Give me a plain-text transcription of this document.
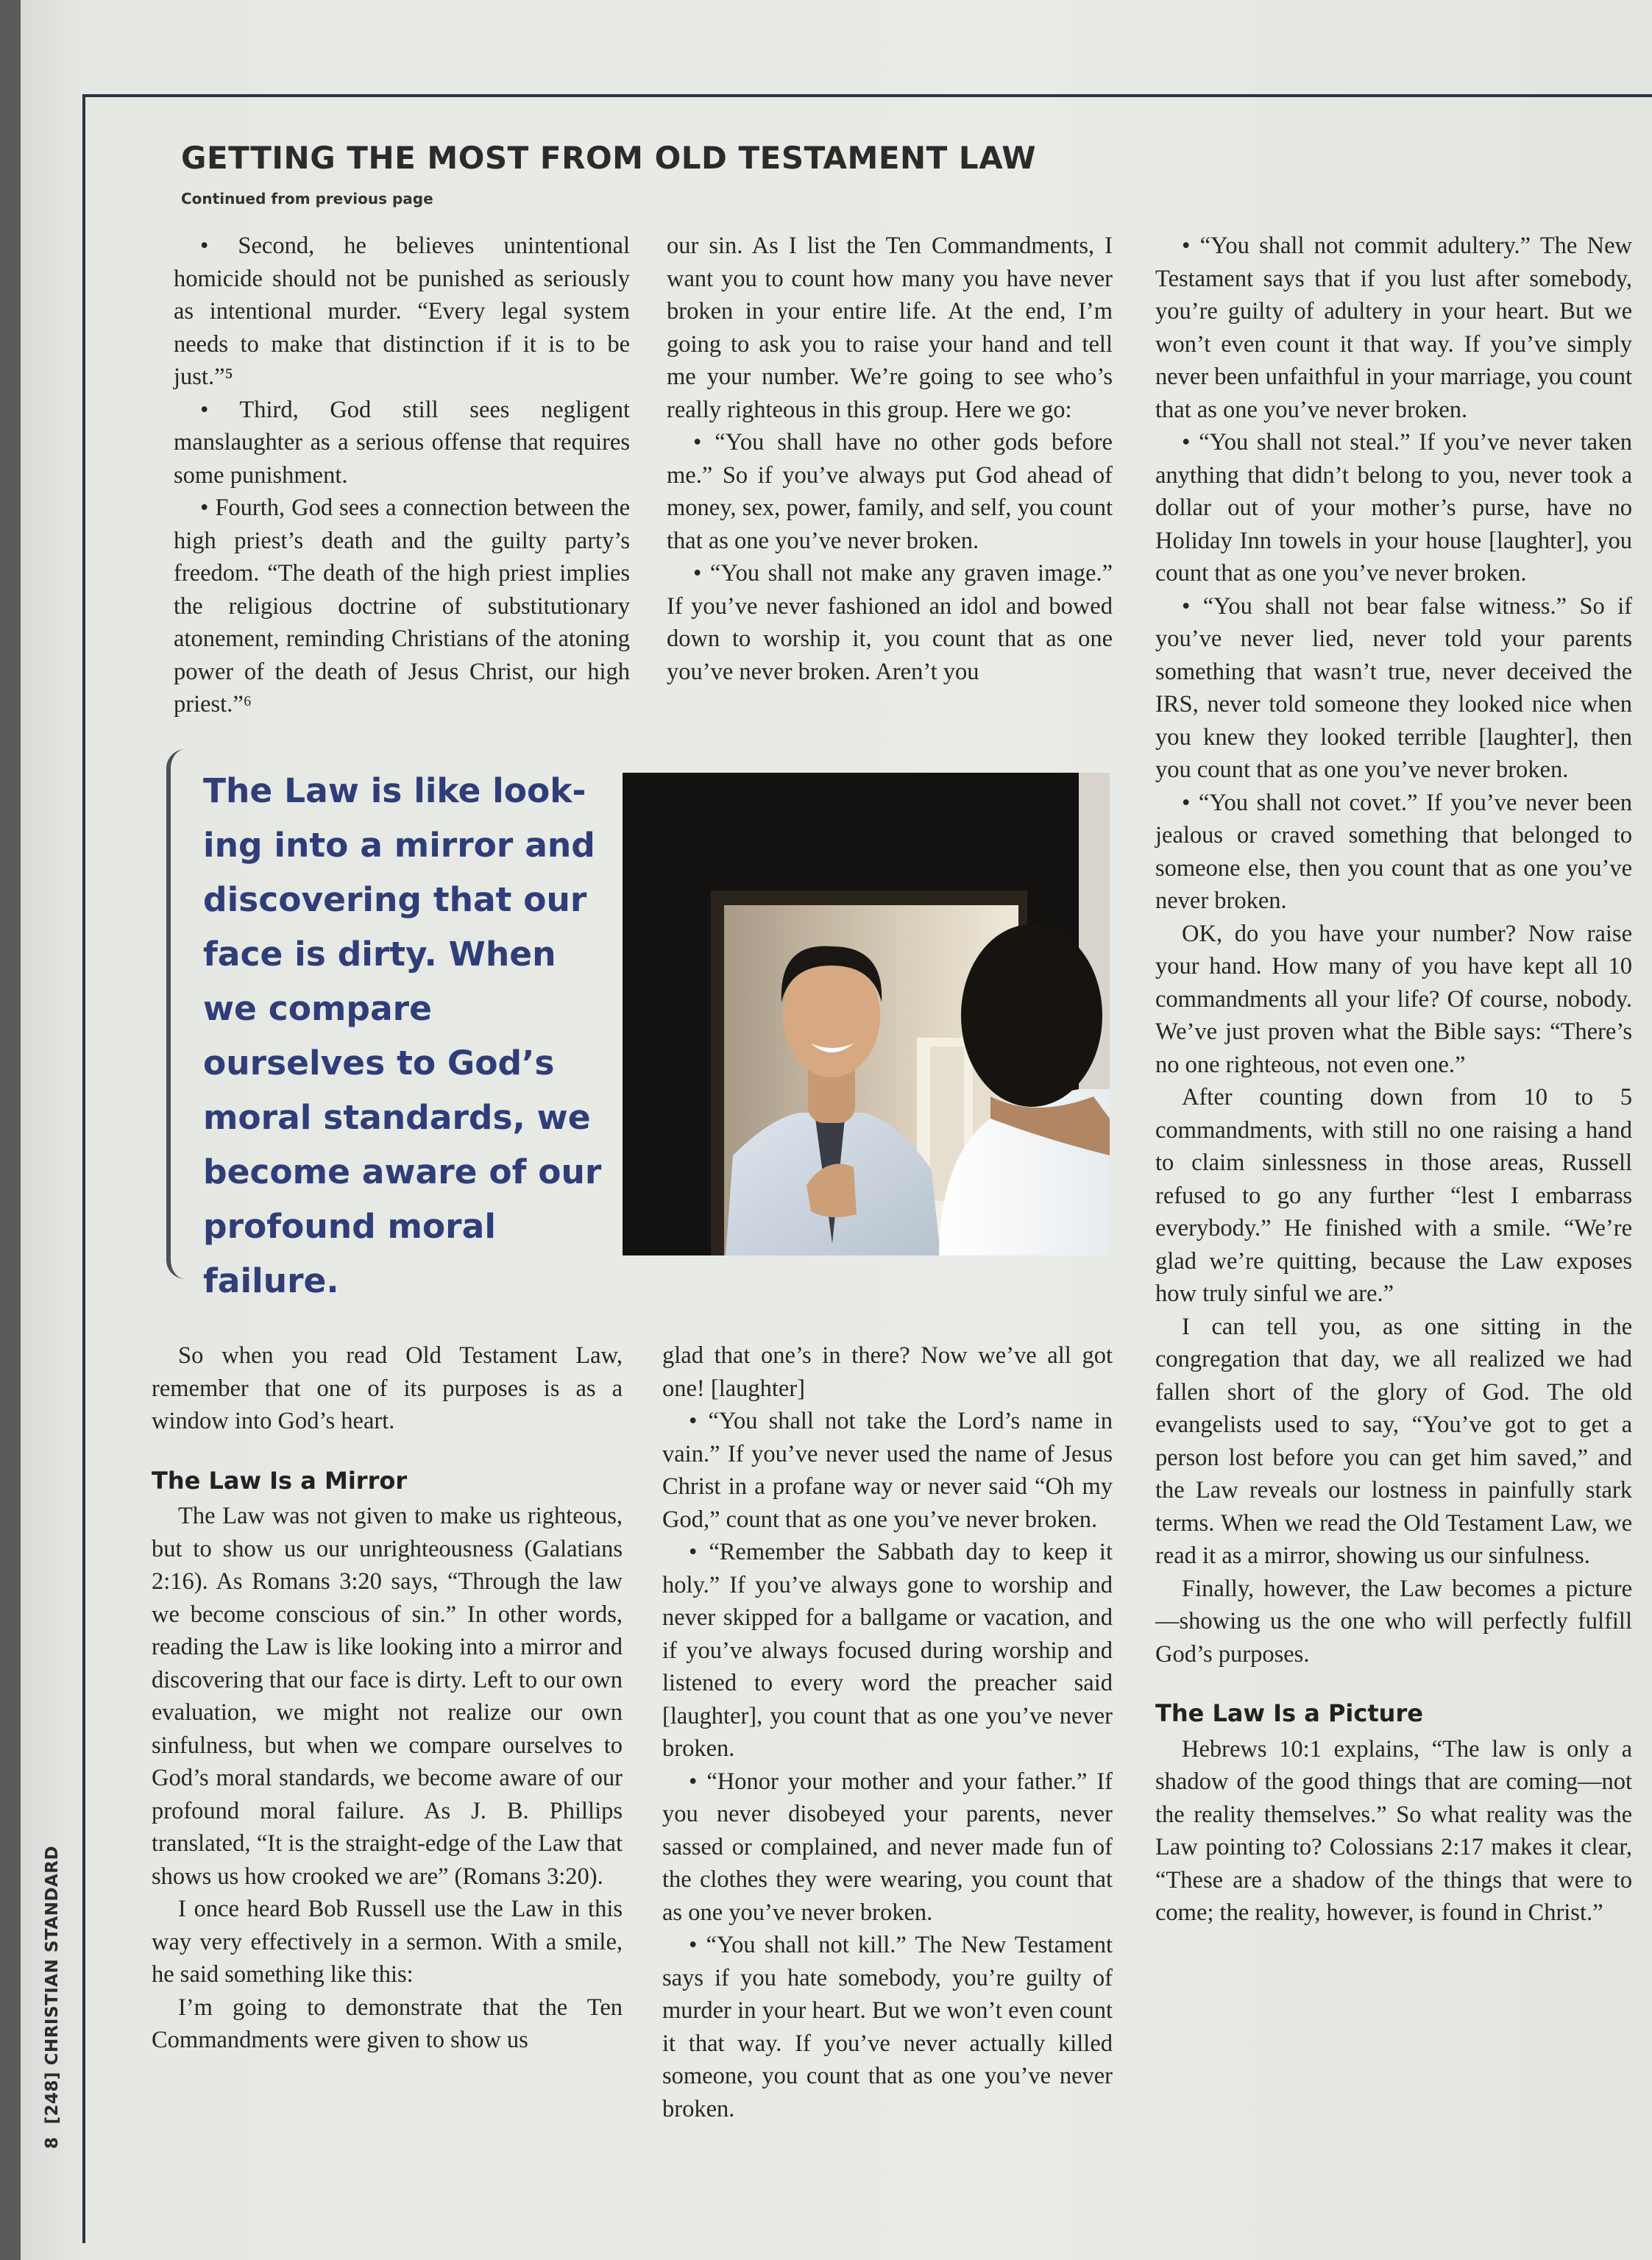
GETTING THE MOST FROM OLD TESTAMENT LAW
Continued from previous page

• Second, he believes unintentional homicide should not be punished as seriously as intentional murder. “Every legal system needs to make that distinction if it is to be just.”⁵

• Third, God still sees negligent manslaughter as a serious offense that requires some punishment.

• Fourth, God sees a connection between the high priest’s death and the guilty party’s freedom. “The death of the high priest implies the religious doctrine of substitutionary atonement, reminding Christians of the atoning power of the death of Jesus Christ, our high priest.”⁶

our sin. As I list the Ten Commandments, I want you to count how many you have never broken in your entire life. At the end, I’m going to ask you to raise your hand and tell me your number. We’re going to see who’s really righteous in this group. Here we go:

• “You shall have no other gods before me.” So if you’ve always put God ahead of money, sex, power, family, and self, you count that as one you’ve never broken.

• “You shall not make any graven image.” If you’ve never fashioned an idol and bowed down to worship it, you count that as one you’ve never broken. Aren’t you

The Law is like looking into a mirror and discovering that our face is dirty. When we compare ourselves to God’s moral standards, we become aware of our profound moral failure.

So when you read Old Testament Law, remember that one of its purposes is as a window into God’s heart.

The Law Is a Mirror

The Law was not given to make us righteous, but to show us our unrighteousness (Galatians 2:16). As Romans 3:20 says, “Through the law we become conscious of sin.” In other words, reading the Law is like looking into a mirror and discovering that our face is dirty. Left to our own evaluation, we might not realize our own sinfulness, but when we compare ourselves to God’s moral standards, we become aware of our profound moral failure. As J. B. Phillips translated, “It is the straight-edge of the Law that shows us how crooked we are” (Romans 3:20).

I once heard Bob Russell use the Law in this way very effectively in a sermon. With a smile, he said something like this:

I’m going to demonstrate that the Ten Commandments were given to show us

glad that one’s in there? Now we’ve all got one! [laughter]

• “You shall not take the Lord’s name in vain.” If you’ve never used the name of Jesus Christ in a profane way or never said “Oh my God,” count that as one you’ve never broken.

• “Remember the Sabbath day to keep it holy.” If you’ve always gone to worship and never skipped for a ballgame or vacation, and if you’ve always focused during worship and listened to every word the preacher said [laughter], you count that as one you’ve never broken.

• “Honor your mother and your father.” If you never disobeyed your parents, never sassed or complained, and never made fun of the clothes they were wearing, you count that as one you’ve never broken.

• “You shall not kill.” The New Testament says if you hate somebody, you’re guilty of murder in your heart. But we won’t even count it that way. If you’ve never actually killed someone, you count that as one you’ve never broken.

• “You shall not commit adultery.” The New Testament says that if you lust after somebody, you’re guilty of adultery in your heart. But we won’t even count it that way. If you’ve simply never been unfaithful in your marriage, you count that as one you’ve never broken.

• “You shall not steal.” If you’ve never taken anything that didn’t belong to you, never took a dollar out of your mother’s purse, have no Holiday Inn towels in your house [laughter], you count that as one you’ve never broken.

• “You shall not bear false witness.” So if you’ve never lied, never told your parents something that wasn’t true, never deceived the IRS, never told someone they looked nice when you knew they looked terrible [laughter], then you count that as one you’ve never broken.

• “You shall not covet.” If you’ve never been jealous or craved something that belonged to someone else, then you count that as one you’ve never broken.

OK, do you have your number? Now raise your hand. How many of you have kept all 10 commandments all your life? Of course, nobody. We’ve just proven what the Bible says: “There’s no one righteous, not even one.”

After counting down from 10 to 5 commandments, with still no one raising a hand to claim sinlessness in those areas, Russell refused to go any further “lest I embarrass everybody.” He finished with a smile. “We’re glad we’re quitting, because the Law exposes how truly sinful we are.”

I can tell you, as one sitting in the congregation that day, we all realized we had fallen short of the glory of God. The old evangelists used to say, “You’ve got to get a person lost before you can get him saved,” and the Law reveals our lostness in painfully stark terms. When we read the Old Testament Law, we read it as a mirror, showing us our sinfulness.

Finally, however, the Law becomes a picture—showing us the one who will perfectly fulfill God’s purposes.

The Law Is a Picture

Hebrews 10:1 explains, “The law is only a shadow of the good things that are coming—not the reality themselves.” So what reality was the Law pointing to? Colossians 2:17 makes it clear, “These are a shadow of the things that were to come; the reality, however, is found in Christ.”

8  [248] CHRISTIAN STANDARD
